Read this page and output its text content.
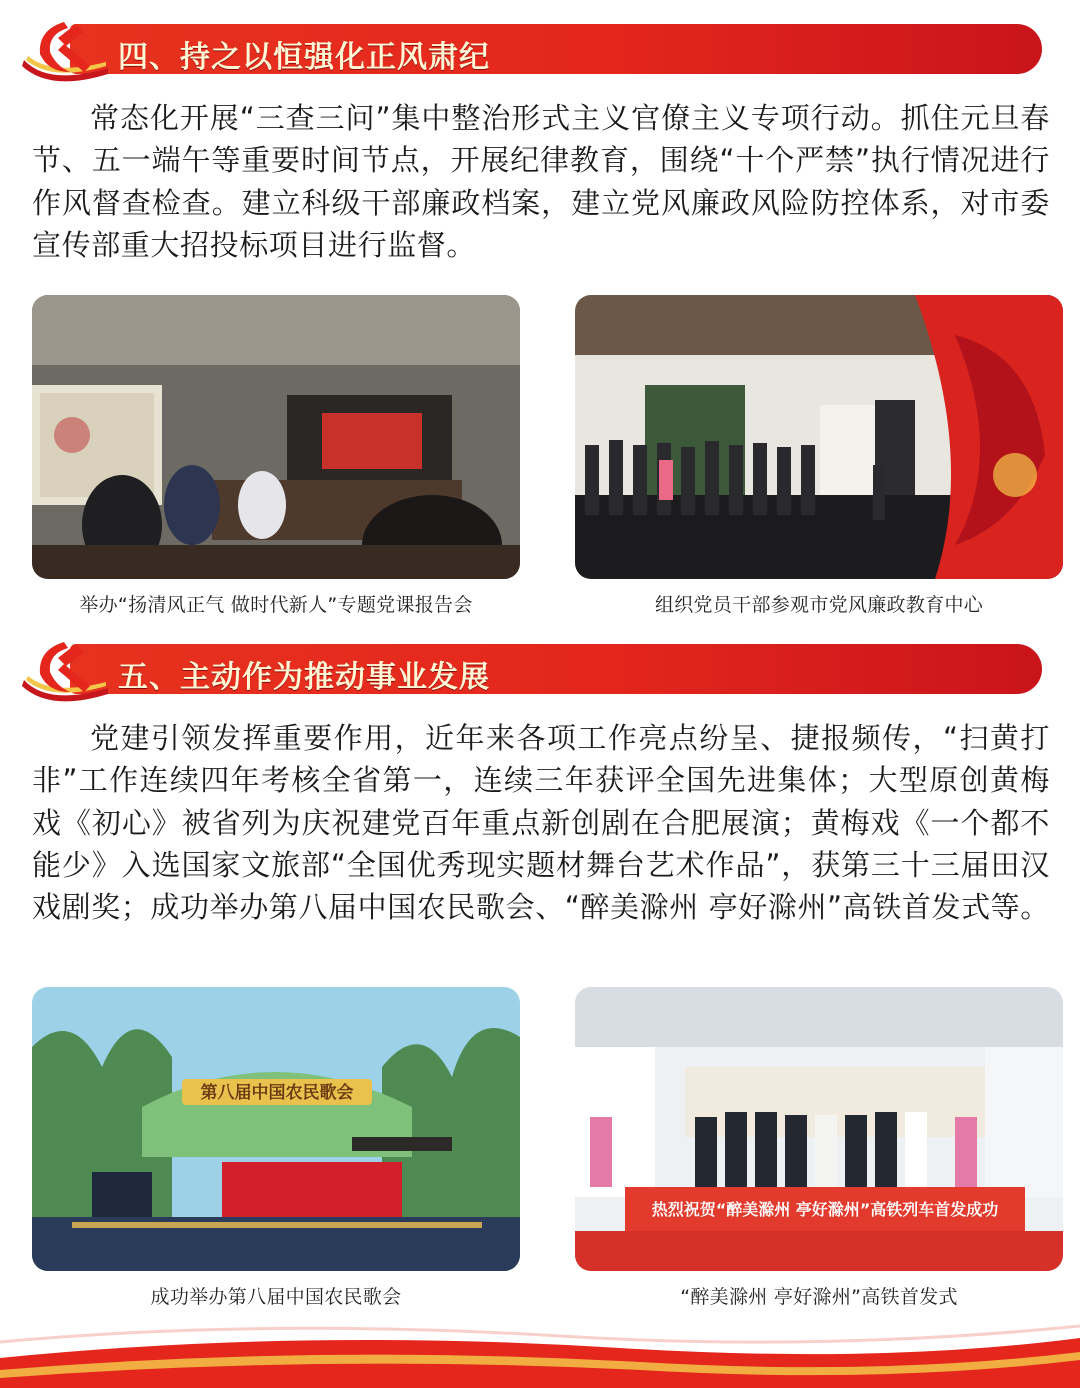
四、持之以恒强化正风肃纪

常态化开展“三查三问”集中整治形式主义官僚主义专项行动。抓住元旦春节、五一端午等重要时间节点，开展纪律教育，围绕“十个严禁”执行情况进行作风督查检查。建立科级干部廉政档案，建立党风廉政风险防控体系，对市委宣传部重大招投标项目进行监督。

举办“扬清风正气 做时代新人”专题党课报告会	组织党员干部参观市党风廉政教育中心
五、主动作为推动事业发展

党建引领发挥重要作用，近年来各项工作亮点纷呈、捷报频传，“扫黄打非”工作连续四年考核全省第一，连续三年获评全国先进集体；大型原创黄梅戏《初心》被省列为庆祝建党百年重点新创剧在合肥展演；黄梅戏《一个都不能少》入选国家文旅部“全国优秀现实题材舞台艺术作品”，获第三十三届田汉戏剧奖；成功举办第八届中国农民歌会、“醉美滁州 亭好滁州”高铁首发式等。

第八届中国农民歌会
成功举办第八届中国农民歌会
热烈祝贺“醉美滁州 亭好滁州”高铁列车首发成功
“醉美滁州 亭好滁州”高铁首发式
